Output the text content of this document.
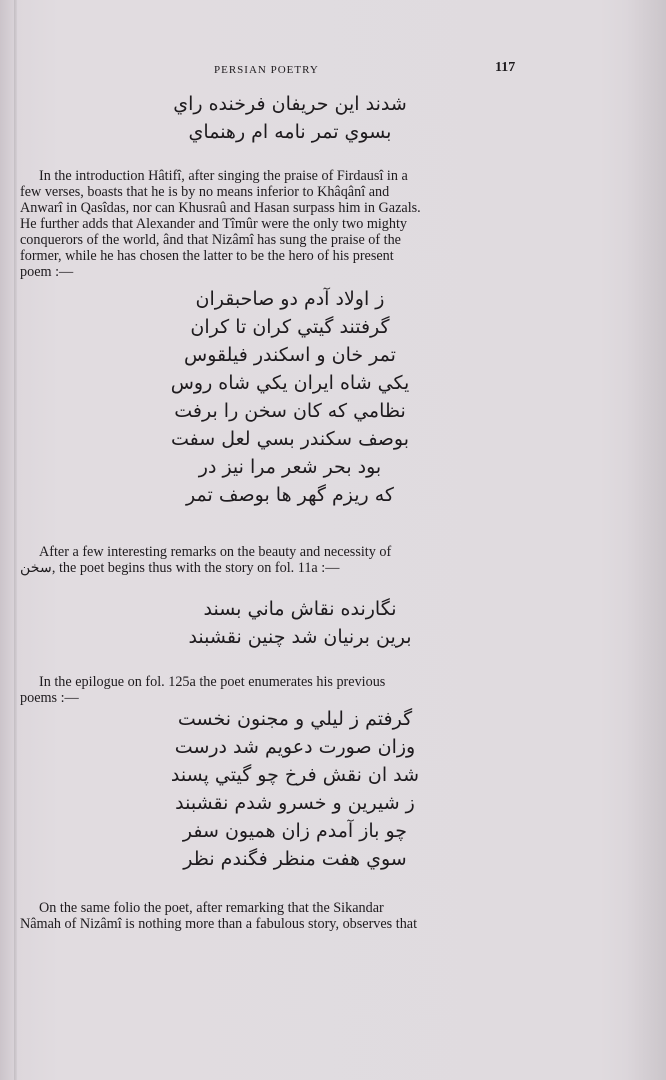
PERSIAN POETRY	117
شدند این حریفان فرخنده راي
بسوي تمر نامه ام رهنماي
In the introduction Hâtifî, after singing the praise of Firdausî in a
few verses, boasts that he is by no means inferior to Khâqânî and
Anwarî in Qasîdas, nor can Khusraû and Hasan surpass him in Gazals.
He further adds that Alexander and Tîmûr were the only two mighty
conquerors of the world, ând that Nizâmî has sung the praise of the
former, while he has chosen the latter to be the hero of his present
poem :—
ز اولاد آدم دو صاحبقران
گرفتند گیتي کران تا کران
تمر خان و اسکندر فیلقوس
یکي شاه ایران یکي شاه روس
نظامي که کان سخن را برفت
بوصف سکندر بسي لعل سفت
بود بحر شعر مرا نیز در
که ریزم گهر ها بوصف تمر
After a few interesting remarks on the beauty and necessity of
سخن, the poet begins thus with the story on fol. 11a :—
نگارنده نقاش ماني بسند
برین برنیان شد چنین نقشبند
In the epilogue on fol. 125a the poet enumerates his previous
poems :—
گرفتم ز لیلي و مجنون نخست
وزان صورت دعویم شد درست
شد ان نقش فرخ چو گیتي پسند
ز شیرین و خسرو شدم نقشبند
چو باز آمدم زان همیون سفر
سوي هفت منظر فگندم نظر
On the same folio the poet, after remarking that the Sikandar
Nâmah of Nizâmî is nothing more than a fabulous story, observes that
